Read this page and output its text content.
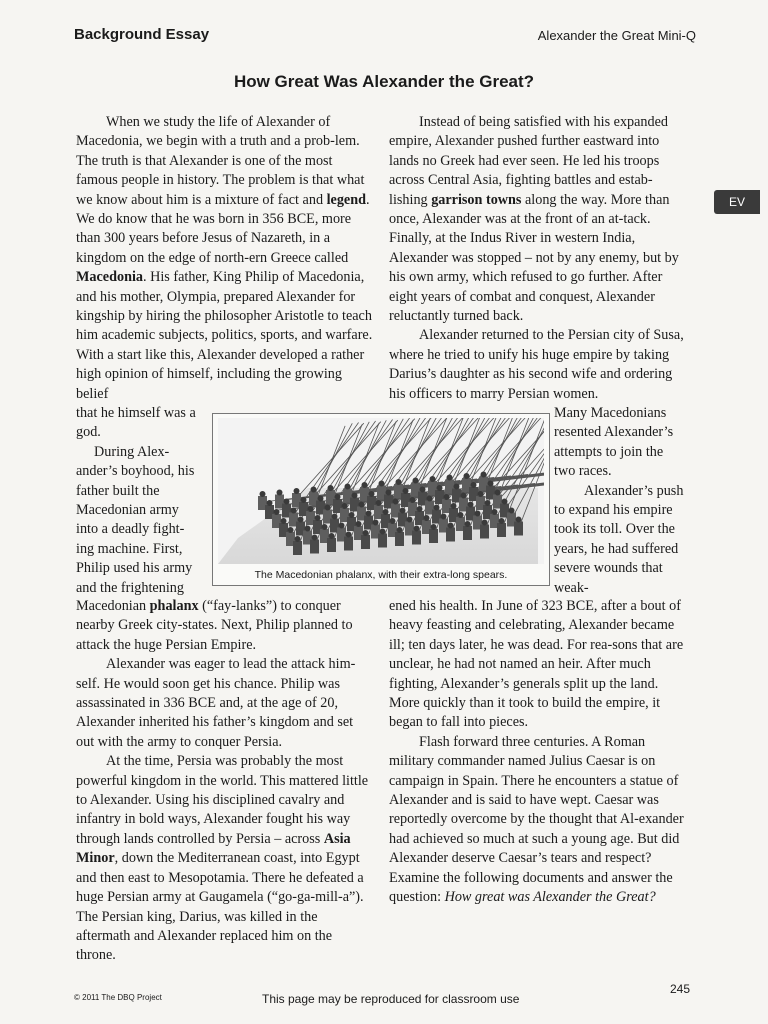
Background Essay	Alexander the Great Mini-Q
How Great Was Alexander the Great?
EV

When we study the life of Alexander of Macedonia, we begin with a truth and a prob-lem. The truth is that Alexander is one of the most famous people in history. The problem is that what we know about him is a mixture of fact and legend. We do know that he was born in 356 BCE, more than 300 years before Jesus of Nazareth, in a kingdom on the edge of north-ern Greece called Macedonia. His father, King Philip of Macedonia, and his mother, Olympia, prepared Alexander for kingship by hiring the philosopher Aristotle to teach him academic subjects, politics, sports, and warfare. With a start like this, Alexander developed a rather high opinion of himself, including the growing belief

that he himself was a god.

During Alex-ander’s boyhood, his father built the Macedonian army into a deadly fight-ing machine. First, Philip used his army and the frightening

Macedonian phalanx (“fay-lanks”) to conquer nearby Greek city-states. Next, Philip planned to attack the huge Persian Empire.

Alexander was eager to lead the attack him-self. He would soon get his chance. Philip was assassinated in 336 BCE and, at the age of 20, Alexander inherited his father’s kingdom and set out with the army to conquer Persia.

At the time, Persia was probably the most powerful kingdom in the world. This mattered little to Alexander. Using his disciplined cavalry and infantry in bold ways, Alexander fought his way through lands controlled by Persia – across Asia Minor, down the Mediterranean coast, into Egypt and then east to Mesopotamia. There he defeated a huge Persian army at Gaugamela (“go-ga-mill-a”). The Persian king, Darius, was killed in the aftermath and Alexander replaced him on the throne.

Instead of being satisfied with his expanded empire, Alexander pushed further eastward into lands no Greek had ever seen. He led his troops across Central Asia, fighting battles and estab-lishing garrison towns along the way. More than once, Alexander was at the front of an at-tack. Finally, at the Indus River in western India, Alexander was stopped – not by any enemy, but by his own army, which refused to go further. After eight years of combat and conquest, Alexander reluctantly turned back.

Alexander returned to the Persian city of Susa, where he tried to unify his huge empire by taking Darius’s daughter as his second wife and ordering his officers to marry Persian women.

Many Macedonians resented Alexander’s attempts to join the two races.

Alexander’s push to expand his empire took its toll. Over the years, he had suffered severe wounds that weak-

ened his health. In June of 323 BCE, after a bout of heavy feasting and celebrating, Alexander became ill; ten days later, he was dead. For rea-sons that are unclear, he had not named an heir. After much fighting, Alexander’s generals split up the land. More quickly than it took to build the empire, it began to fall into pieces.

Flash forward three centuries. A Roman military commander named Julius Caesar is on campaign in Spain. There he encounters a statue of Alexander and is said to have wept. Caesar was reportedly overcome by the thought that Al-exander had achieved so much at such a young age. But did Alexander deserve Caesar’s tears and respect? Examine the following documents and answer the question: How great was Alexander the Great?

The Macedonian phalanx, with their extra-long spears.
© 2011 The DBQ Project	This page may be reproduced for classroom use
245
